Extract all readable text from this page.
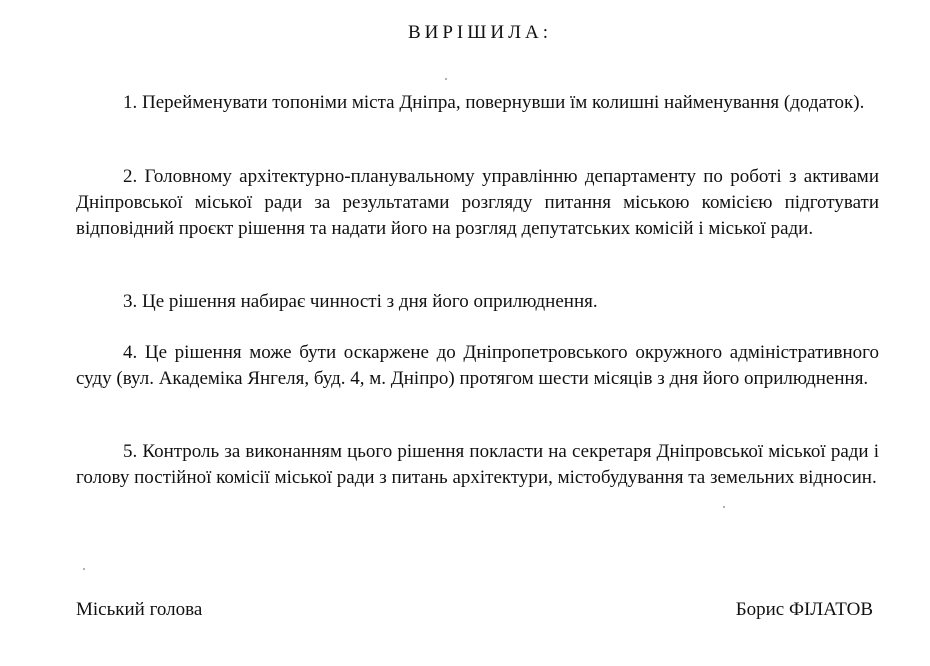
ВИРІШИЛА:
1. Перейменувати топоніми міста Дніпра, повернувши їм колишні найменування (додаток).
2. Головному архітектурно-планувальному управлінню департаменту по роботі з активами Дніпровської міської ради за результатами розгляду питання міською комісією підготувати відповідний проєкт рішення та надати його на розгляд депутатських комісій і міської ради.
3. Це рішення набирає чинності з дня його оприлюднення.
4. Це рішення може бути оскаржене до Дніпропетровського окружного адміністративного суду (вул. Академіка Янгеля, буд. 4, м. Дніпро) протягом шести місяців з дня його оприлюднення.
5. Контроль за виконанням цього рішення покласти на секретаря Дніпровської міської ради і голову постійної комісії міської ради з питань архітектури, містобудування та земельних відносин.
Міський голова	Борис ФІЛАТОВ
